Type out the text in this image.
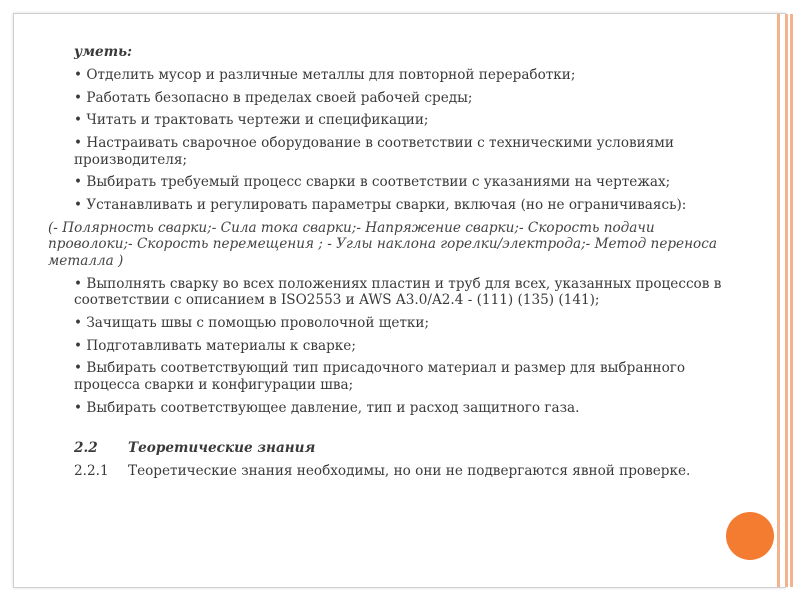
уметь:
• Отделить мусор и различные металлы для повторной переработки;
• Работать безопасно в пределах своей рабочей среды;
• Читать и трактовать чертежи и спецификации;
• Настраивать сварочное оборудование в соответствии с техническими условиями производителя;
• Выбирать требуемый процесс сварки в соответствии с указаниями на чертежах;
• Устанавливать и регулировать параметры сварки, включая (но не ограничиваясь):
(- Полярность сварки;- Сила тока сварки;- Напряжение сварки;- Скорость подачи проволоки;- Скорость перемещения ; - Углы наклона горелки/электрода;- Метод переноса металла )
• Выполнять сварку во всех положениях пластин и труб для всех, указанных процессов в соответствии с описанием в ISO2553 и AWS A3.0/A2.4 - (111) (135) (141);
• Зачищать швы с помощью проволочной щетки;
• Подготавливать материалы к сварке;
• Выбирать соответствующий тип присадочного материал и размер для выбранного процесса сварки и конфигурации шва;
• Выбирать соответствующее давление, тип и расход защитного газа.
2.2 Теоретические знания
2.2.1 Теоретические знания необходимы, но они не подвергаются явной проверке.
